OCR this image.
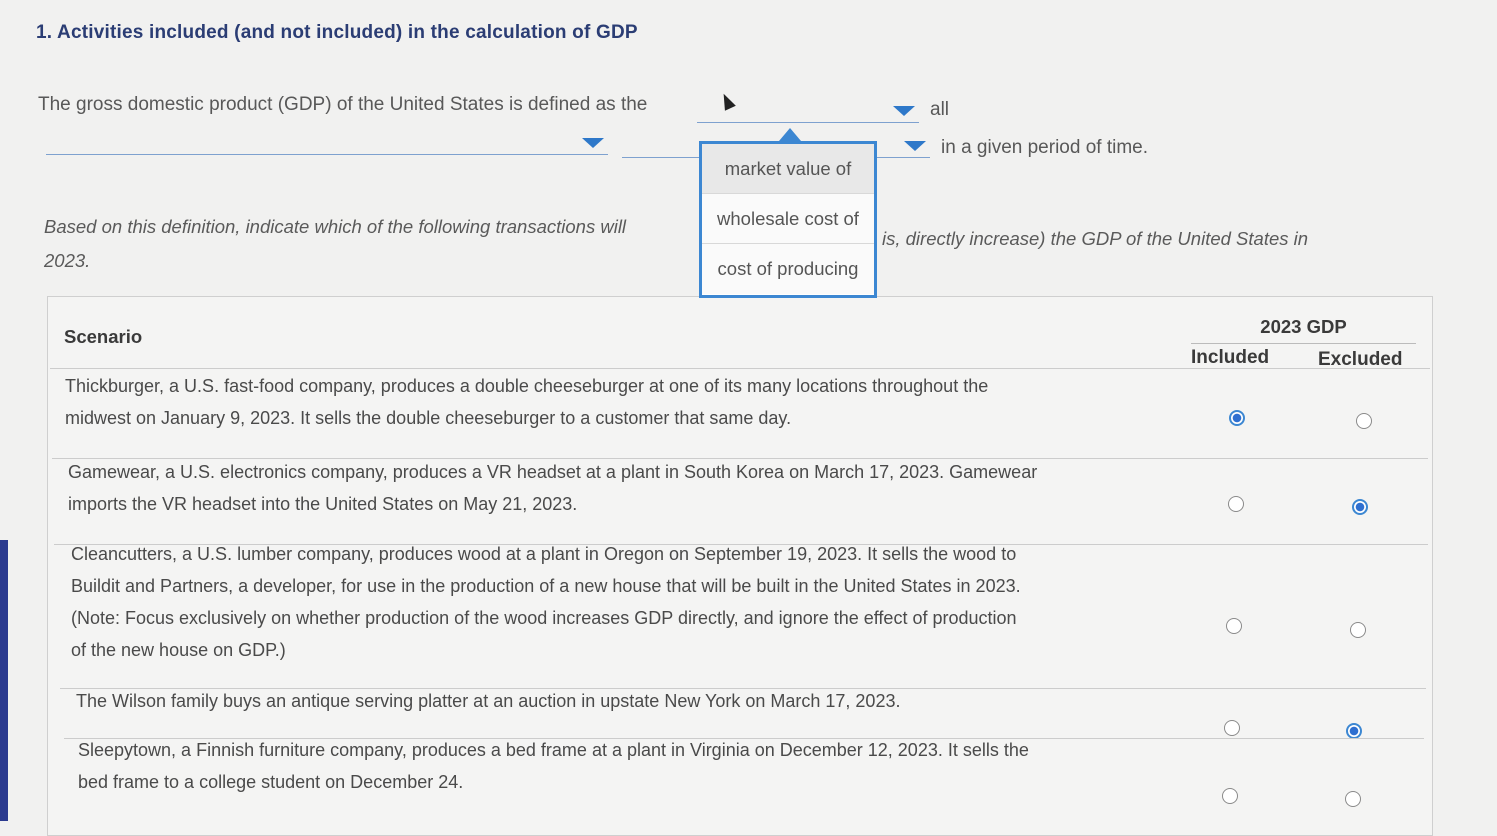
1. Activities included (and not included) in the calculation of GDP
The gross domestic product (GDP) of the United States is defined as the	all
in a given period of time.
market value of
wholesale cost of
cost of producing
Based on this definition, indicate which of the following transactions will
is, directly increase) the GDP of the United States in
2023.
Scenario	2023 GDP
Included	Excluded
Thickburger, a U.S. fast-food company, produces a double cheeseburger at one of its many locations throughout the
midwest on January 9, 2023. It sells the double cheeseburger to a customer that same day.
Gamewear, a U.S. electronics company, produces a VR headset at a plant in South Korea on March 17, 2023. Gamewear
imports the VR headset into the United States on May 21, 2023.
Cleancutters, a U.S. lumber company, produces wood at a plant in Oregon on September 19, 2023. It sells the wood to
Buildit and Partners, a developer, for use in the production of a new house that will be built in the United States in 2023.
(Note: Focus exclusively on whether production of the wood increases GDP directly, and ignore the effect of production
of the new house on GDP.)
The Wilson family buys an antique serving platter at an auction in upstate New York on March 17, 2023.
Sleepytown, a Finnish furniture company, produces a bed frame at a plant in Virginia on December 12, 2023. It sells the
bed frame to a college student on December 24.
